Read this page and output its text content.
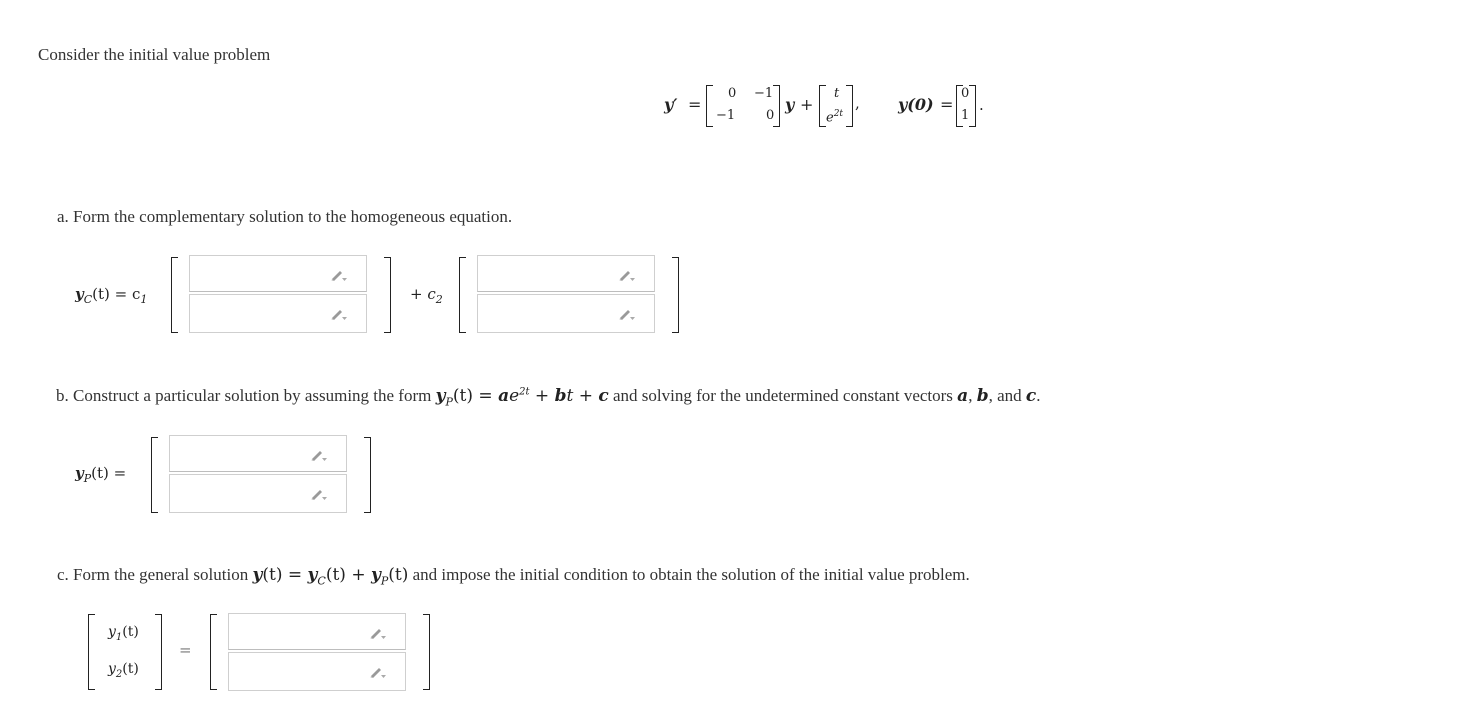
Consider the initial value problem
y′ =
0 −1
−1 0
y +
t
$e^{2t}$
, y(0) =
0
1
.
a. Form the complementary solution to the homogeneous equation.
$y_C(t) = c_1$	+ $c_2$
b. Construct a particular solution by assuming the form $y_P(t) = ae^{2t}$ + bt + c and solving for the undetermined constant vectors a, b, and c.
$y_P(t)$ =
c. Form the general solution $y(t) = y_C(t) + y_P(t)$ and impose the initial condition to obtain the solution of the initial value problem.
$y_1(t)$
$y_2(t)$
=
